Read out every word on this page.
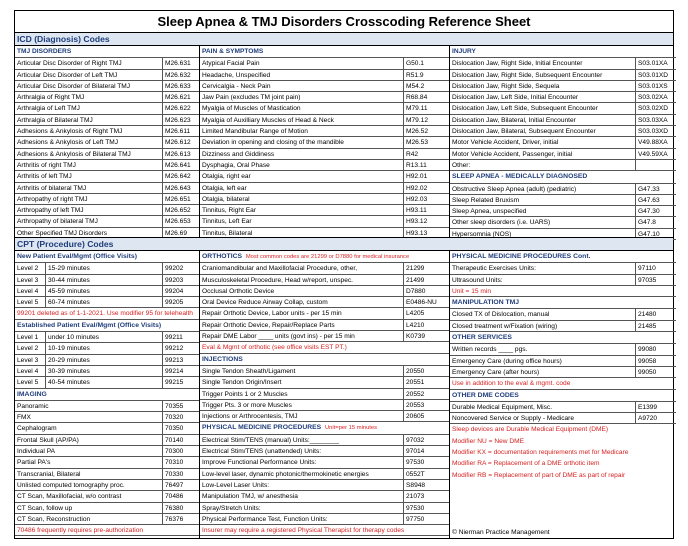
Sleep Apnea & TMJ Disorders Crosscoding Reference Sheet
ICD (Diagnosis) Codes
TMJ DISORDERS
Articular Disc Disorder of Right TMJ	M26.631
Articular Disc Disorder of Left TMJ	M26.632
Articular Disc Disorder of Bilateral TMJ	M26.633
Arthralgia of Right TMJ	M26.621
Arthralgia of Left TMJ	M26.622
Arthralgia of Bilateral TMJ	M26.623
Adhesions & Ankylosis of Right TMJ	M26.611
Adhesions & Ankylosis of Left TMJ	M26.612
Adhesions & Ankylosis of Bilateral TMJ	M26.613
Arthritis of right TMJ	M26.641
Arthritis of left TMJ	M26.642
Arthritis of bilateral TMJ	M26.643
Arthropathy of right TMJ	M26.651
Arthropathy of left TMJ	M26.652
Arthropathy of bilateral TMJ	M26.653
Other Specified TMJ Disorders	M26.69
PAIN & SYMPTOMS
Atypical Facial Pain	G50.1
Headache, Unspecified	R51.9
Cervicalgia - Neck Pain	M54.2
Jaw Pain (excludes TM joint pain)	R68.84
Myalgia of Muscles of Mastication	M79.11
Myalgia of Auxilliary Muscles of Head & Neck	M79.12
Limited Mandibular Range of Motion	M26.52
Deviation in opening and closing of the mandible	M26.53
Dizziness and Giddiness	R42
Dysphagia, Oral Phase	R13.11
Otalgia, right ear	H92.01
Otalgia, left ear	H92.02
Otalgia, bilateral	H92.03
Tinnitus, Right Ear	H93.11
Tinnitus, Left Ear	H93.12
Tinnitus, Bilateral	H93.13
INJURY
Dislocation Jaw, Right Side, Initial Encounter	S03.01XA
Dislocation Jaw, Right Side, Subsequent Encounter	S03.01XD
Dislocation Jaw, Right Side, Sequela	S03.01XS
Dislocation Jaw, Left Side, Initial Encounter	S03.02XA
Dislocation Jaw, Left Side, Subsequent Encounter	S03.02XD
Dislocation Jaw, Bilateral, Initial Encounter	S03.03XA
Dislocation Jaw, Bilateral, Subsequent Encounter	S03.03XD
Motor Vehicle Accident, Driver, initial	V49.88XA
Motor Vehicle Accident, Passenger, initial	V49.59XA
Other:
SLEEP APNEA - MEDICALLY DIAGNOSED
Obstructive Sleep Apnea (adult) (pediatric)	G47.33
Sleep Related Bruxism	G47.63
Sleep Apnea, unspecified	G47.30
Other sleep disorders (i.e. UARS)	G47.8
Hypersomnia (NOS)	G47.10
CPT (Procedure) Codes
New Patient Eval/Mgmt (Office Visits)
Level 2	15-29 minutes	99202
Level 3	30-44 minutes	99203
Level 4	45-59 minutes	99204
Level 5	60-74 minutes	99205
99201 deleted as of 1-1-2021. Use modifier 95 for telehealth
Established Patient Eval/Mgmt (Office Visits)
Level 1	under 10 minutes	99211
Level 2	10-19 minutes	99212
Level 3	20-29 minutes	99213
Level 4	30-39 minutes	99214
Level 5	40-54 minutes	99215
IMAGING
Panoramic	70355
FMX	70320
Cephalogram	70350
Frontal Skull (AP/PA)	70140
Individual PA	70300
Partial PA's	70310
Transcranial, Bilateral	70330
Unlisted computed tomography proc.	76497
CT Scan, Maxillofacial, w/o contrast	70486
CT Scan, follow up	76380
CT Scan, Reconstruction	76376
70486 frequently requires pre-authorization
ORTHOTICS Most common codes are 21299 or D7880 for medical insurance
Craniomandibular and Maxillofacial Procedure, other,	21299
Musculoskeletal Procedure, Head w/report, unspec.	21499
Occlusal Orthotic Device	D7880
Oral Device Reduce Airway Collap, custom	E0486-NU
Repair Orthotic Device, Labor units - per 15 min	L4205
Repair Orthotic Device, Repair/Replace Parts	L4210
Repair DME Labor ____ units (govt ins) - per 15 min	K0739
Eval & Mgmt of orthotic (see office visits EST PT.)
INJECTIONS
Single Tendon Sheath/Ligament	20550
Single Tendon Origin/Insert	20551
Trigger Points 1 or 2 Muscles	20552
Trigger Pts. 3 or more Muscles	20553
Injections or Arthrocentesis, TMJ	20605
PHYSICAL MEDICINE PROCEDURES Unit=per 15 minutes
Electrical Stim/TENS (manual) Units:________	97032
Electrical Stim/TENS (unattended) Units:	97014
Improve Functional Performance Units:	97530
Low-level laser, dynamic photonic/thermokinetic energies	0552T
Low-Level Laser Units:	S8948
Manipulation TMJ, w/ anesthesia	21073
Spray/Stretch Units:	97530
Physical Performance Test, Function Units:	97750
Insurer may require a registered Physical Therapist for therapy codes
PHYSICAL MEDICINE PROCEDURES Cont.
Therapeutic Exercises Units:	97110
Ultrasound Units:	97035
Unit = 15 min
MANIPULATION TMJ
Closed TX of Dislocation, manual	21480
Closed treatment w/Fixation (wiring)	21485
OTHER SERVICES
Written records ____ pgs.	99080
Emergency Care (during office hours)	99058
Emergency Care (after hours)	99050
Use in addition to the eval & mgmt. code
OTHER DME CODES
Durable Medical Equipment, Misc.	E1399
Noncovered Service or Supply - Medicare	A9720
Sleep devices are Durable Medical Equipment (DME)
Modifier NU = New DME
Modifier KX = documentation requirements met for Medicare
Modifier RA = Replacement of a DME orthotic item
Modifier RB = Replacement of part of DME as part of repair
© Nierman Practice Management
